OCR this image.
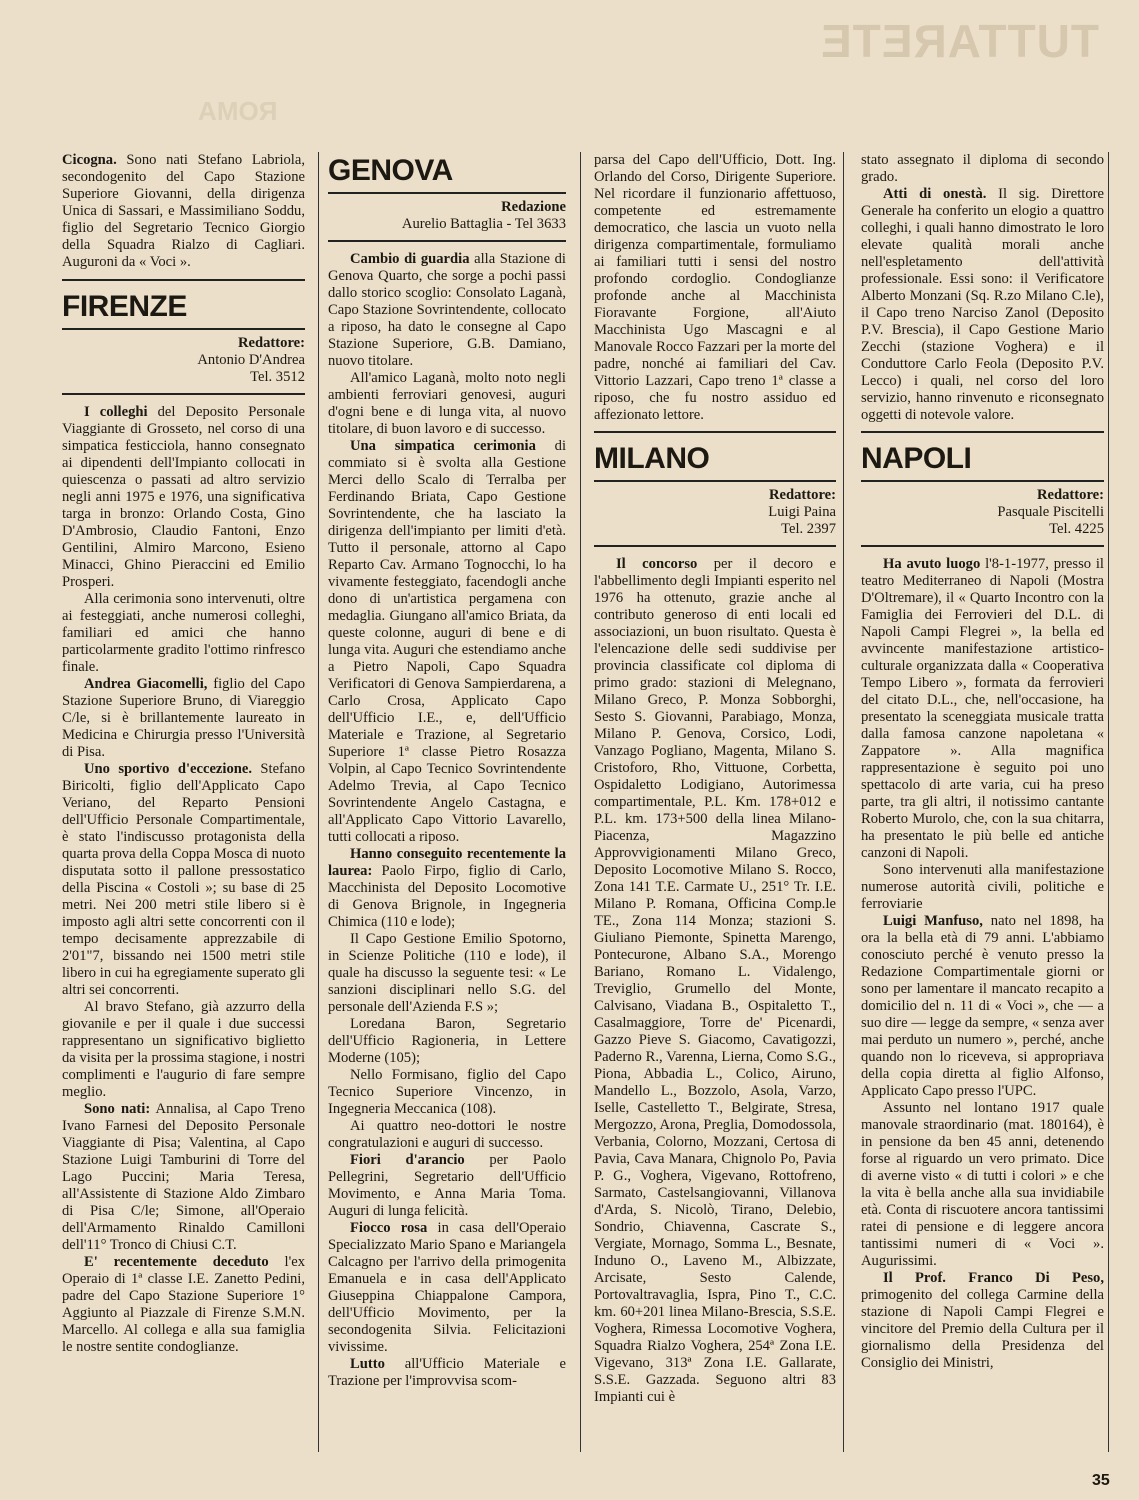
TUTTARETE
ROMA

Cicogna. Sono nati Stefano Labriola, secondogenito del Capo Stazione Superiore Giovanni, della dirigenza Unica di Sassari, e Massimiliano Soddu, figlio del Segretario Tecnico Giorgio della Squadra Rialzo di Cagliari. Auguroni da « Voci ».

FIRENZE
Redattore:
Antonio D'Andrea
Tel. 3512

I colleghi del Deposito Personale Viaggiante di Grosseto, nel corso di una simpatica festicciola, hanno consegnato ai dipendenti dell'Impianto collocati in quiescenza o passati ad altro servizio negli anni 1975 e 1976, una significativa targa in bronzo: Orlando Costa, Gino D'Ambrosio, Claudio Fantoni, Enzo Gentilini, Almiro Marcono, Esieno Minacci, Ghino Pieraccini ed Emilio Prosperi.

Alla cerimonia sono intervenuti, oltre ai festeggiati, anche numerosi colleghi, familiari ed amici che hanno particolarmente gradito l'ottimo rinfresco finale.

Andrea Giacomelli, figlio del Capo Stazione Superiore Bruno, di Viareggio C/le, si è brillantemente laureato in Medicina e Chirurgia presso l'Università di Pisa.

Uno sportivo d'eccezione. Stefano Biricolti, figlio dell'Applicato Capo Veriano, del Reparto Pensioni dell'Ufficio Personale Compartimentale, è stato l'indiscusso protagonista della quarta prova della Coppa Mosca di nuoto disputata sotto il pallone pressostatico della Piscina « Costoli »; su base di 25 metri. Nei 200 metri stile libero si è imposto agli altri sette concorrenti con il tempo decisamente apprezzabile di 2'01"7, bissando nei 1500 metri stile libero in cui ha egregiamente superato gli altri sei concorrenti.

Al bravo Stefano, già azzurro della giovanile e per il quale i due successi rappresentano un significativo biglietto da visita per la prossima stagione, i nostri complimenti e l'augurio di fare sempre meglio.

Sono nati: Annalisa, al Capo Treno Ivano Farnesi del Deposito Personale Viaggiante di Pisa; Valentina, al Capo Stazione Luigi Tamburini di Torre del Lago Puccini; Maria Teresa, all'Assistente di Stazione Aldo Zimbaro di Pisa C/le; Simone, all'Operaio dell'Armamento Rinaldo Camilloni dell'11° Tronco di Chiusi C.T.

E' recentemente deceduto l'ex Operaio di 1ª classe I.E. Zanetto Pedini, padre del Capo Stazione Superiore 1° Aggiunto al Piazzale di Firenze S.M.N. Marcello. Al collega e alla sua famiglia le nostre sentite condoglianze.

GENOVA
Redazione
Aurelio Battaglia - Tel 3633

Cambio di guardia alla Stazione di Genova Quarto, che sorge a pochi passi dallo storico scoglio: Consolato Laganà, Capo Stazione Sovrintendente, collocato a riposo, ha dato le consegne al Capo Stazione Superiore, G.B. Damiano, nuovo titolare.

All'amico Laganà, molto noto negli ambienti ferroviari genovesi, auguri d'ogni bene e di lunga vita, al nuovo titolare, di buon lavoro e di successo.

Una simpatica cerimonia di commiato si è svolta alla Gestione Merci dello Scalo di Terralba per Ferdinando Briata, Capo Gestione Sovrintendente, che ha lasciato la dirigenza dell'impianto per limiti d'età. Tutto il personale, attorno al Capo Reparto Cav. Armano Tognocchi, lo ha vivamente festeggiato, facendogli anche dono di un'artistica pergamena con medaglia. Giungano all'amico Briata, da queste colonne, auguri di bene e di lunga vita. Auguri che estendiamo anche a Pietro Napoli, Capo Squadra Verificatori di Genova Sampierdarena, a Carlo Crosa, Applicato Capo dell'Ufficio I.E., e, dell'Ufficio Materiale e Trazione, al Segretario Superiore 1ª classe Pietro Rosazza Volpin, al Capo Tecnico Sovrintendente Adelmo Trevia, al Capo Tecnico Sovrintendente Angelo Castagna, e all'Applicato Capo Vittorio Lavarello, tutti collocati a riposo.

Hanno conseguito recentemente la laurea: Paolo Firpo, figlio di Carlo, Macchinista del Deposito Locomotive di Genova Brignole, in Ingegneria Chimica (110 e lode);

Il Capo Gestione Emilio Spotorno, in Scienze Politiche (110 e lode), il quale ha discusso la seguente tesi: « Le sanzioni disciplinari nello S.G. del personale dell'Azienda F.S »;

Loredana Baron, Segretario dell'Ufficio Ragioneria, in Lettere Moderne (105);

Nello Formisano, figlio del Capo Tecnico Superiore Vincenzo, in Ingegneria Meccanica (108).

Ai quattro neo-dottori le nostre congratulazioni e auguri di successo.

Fiori d'arancio per Paolo Pellegrini, Segretario dell'Ufficio Movimento, e Anna Maria Toma. Auguri di lunga felicità.

Fiocco rosa in casa dell'Operaio Specializzato Mario Spano e Mariangela Calcagno per l'arrivo della primogenita Emanuela e in casa dell'Applicato Giuseppina Chiappalone Campora, dell'Ufficio Movimento, per la secondogenita Silvia. Felicitazioni vivissime.

Lutto all'Ufficio Materiale e Trazione per l'improvvisa scom-

parsa del Capo dell'Ufficio, Dott. Ing. Orlando del Corso, Dirigente Superiore. Nel ricordare il funzionario affettuoso, competente ed estremamente democratico, che lascia un vuoto nella dirigenza compartimentale, formuliamo ai familiari tutti i sensi del nostro profondo cordoglio. Condoglianze profonde anche al Macchinista Fioravante Forgione, all'Aiuto Macchinista Ugo Mascagni e al Manovale Rocco Fazzari per la morte del padre, nonché ai familiari del Cav. Vittorio Lazzari, Capo treno 1ª classe a riposo, che fu nostro assiduo ed affezionato lettore.

MILANO
Redattore:
Luigi Paina
Tel. 2397

Il concorso per il decoro e l'abbellimento degli Impianti esperito nel 1976 ha ottenuto, grazie anche al contributo generoso di enti locali ed associazioni, un buon risultato. Questa è l'elencazione delle sedi suddivise per provincia classificate col diploma di primo grado: stazioni di Melegnano, Milano Greco, P. Monza Sobborghi, Sesto S. Giovanni, Parabiago, Monza, Milano P. Genova, Corsico, Lodi, Vanzago Pogliano, Magenta, Milano S. Cristoforo, Rho, Vittuone, Corbetta, Ospidaletto Lodigiano, Autorimessa compartimentale, P.L. Km. 178+012 e P.L. km. 173+500 della linea Milano-Piacenza, Magazzino Approvvigionamenti Milano Greco, Deposito Locomotive Milano S. Rocco, Zona 141 T.E. Carmate U., 251° Tr. I.E. Milano P. Romana, Officina Comp.le TE., Zona 114 Monza; stazioni S. Giuliano Piemonte, Spinetta Marengo, Pontecurone, Albano S.A., Morengo Bariano, Romano L. Vidalengo, Treviglio, Grumello del Monte, Calvisano, Viadana B., Ospitaletto T., Casalmaggiore, Torre de' Picenardi, Gazzo Pieve S. Giacomo, Cavatigozzi, Paderno R., Varenna, Lierna, Como S.G., Piona, Abbadia L., Colico, Airuno, Mandello L., Bozzolo, Asola, Varzo, Iselle, Castelletto T., Belgirate, Stresa, Mergozzo, Arona, Preglia, Domodossola, Verbania, Colorno, Mozzani, Certosa di Pavia, Cava Manara, Chignolo Po, Pavia P. G., Voghera, Vigevano, Rottofreno, Sarmato, Castelsangiovanni, Villanova d'Arda, S. Nicolò, Tirano, Delebio, Sondrio, Chiavenna, Cascrate S., Vergiate, Mornago, Somma L., Besnate, Induno O., Laveno M., Albizzate, Arcisate, Sesto Calende, Portovaltravaglia, Ispra, Pino T., C.C. km. 60+201 linea Milano-Brescia, S.S.E. Voghera, Rimessa Locomotive Voghera, Squadra Rialzo Voghera, 254ª Zona I.E. Vigevano, 313ª Zona I.E. Gallarate, S.S.E. Gazzada. Seguono altri 83 Impianti cui è

stato assegnato il diploma di secondo grado.

Atti di onestà. Il sig. Direttore Generale ha conferito un elogio a quattro colleghi, i quali hanno dimostrato le loro elevate qualità morali anche nell'espletamento dell'attività professionale. Essi sono: il Verificatore Alberto Monzani (Sq. R.zo Milano C.le), il Capo treno Narciso Zanol (Deposito P.V. Brescia), il Capo Gestione Mario Zecchi (stazione Voghera) e il Conduttore Carlo Feola (Deposito P.V. Lecco) i quali, nel corso del loro servizio, hanno rinvenuto e riconsegnato oggetti di notevole valore.

NAPOLI
Redattore:
Pasquale Piscitelli
Tel. 4225

Ha avuto luogo l'8-1-1977, presso il teatro Mediterraneo di Napoli (Mostra D'Oltremare), il « Quarto Incontro con la Famiglia dei Ferrovieri del D.L. di Napoli Campi Flegrei », la bella ed avvincente manifestazione artistico-culturale organizzata dalla « Cooperativa Tempo Libero », formata da ferrovieri del citato D.L., che, nell'occasione, ha presentato la sceneggiata musicale tratta dalla famosa canzone napoletana « Zappatore ». Alla magnifica rappresentazione è seguito poi uno spettacolo di arte varia, cui ha preso parte, tra gli altri, il notissimo cantante Roberto Murolo, che, con la sua chitarra, ha presentato le più belle ed antiche canzoni di Napoli.

Sono intervenuti alla manifestazione numerose autorità civili, politiche e ferroviarie

Luigi Manfuso, nato nel 1898, ha ora la bella età di 79 anni. L'abbiamo conosciuto perché è venuto presso la Redazione Compartimentale giorni or sono per lamentare il mancato recapito a domicilio del n. 11 di « Voci », che — a suo dire — legge da sempre, « senza aver mai perduto un numero », perché, anche quando non lo riceveva, si appropriava della copia diretta al figlio Alfonso, Applicato Capo presso l'UPC.

Assunto nel lontano 1917 quale manovale straordinario (mat. 180164), è in pensione da ben 45 anni, detenendo forse al riguardo un vero primato. Dice di averne visto « di tutti i colori » e che la vita è bella anche alla sua invidiabile età. Conta di riscuotere ancora tantissimi ratei di pensione e di leggere ancora tantissimi numeri di « Voci ». Augurissimi.

Il Prof. Franco Di Peso, primogenito del collega Carmine della stazione di Napoli Campi Flegrei e vincitore del Premio della Cultura per il giornalismo della Presidenza del Consiglio dei Ministri,

35
